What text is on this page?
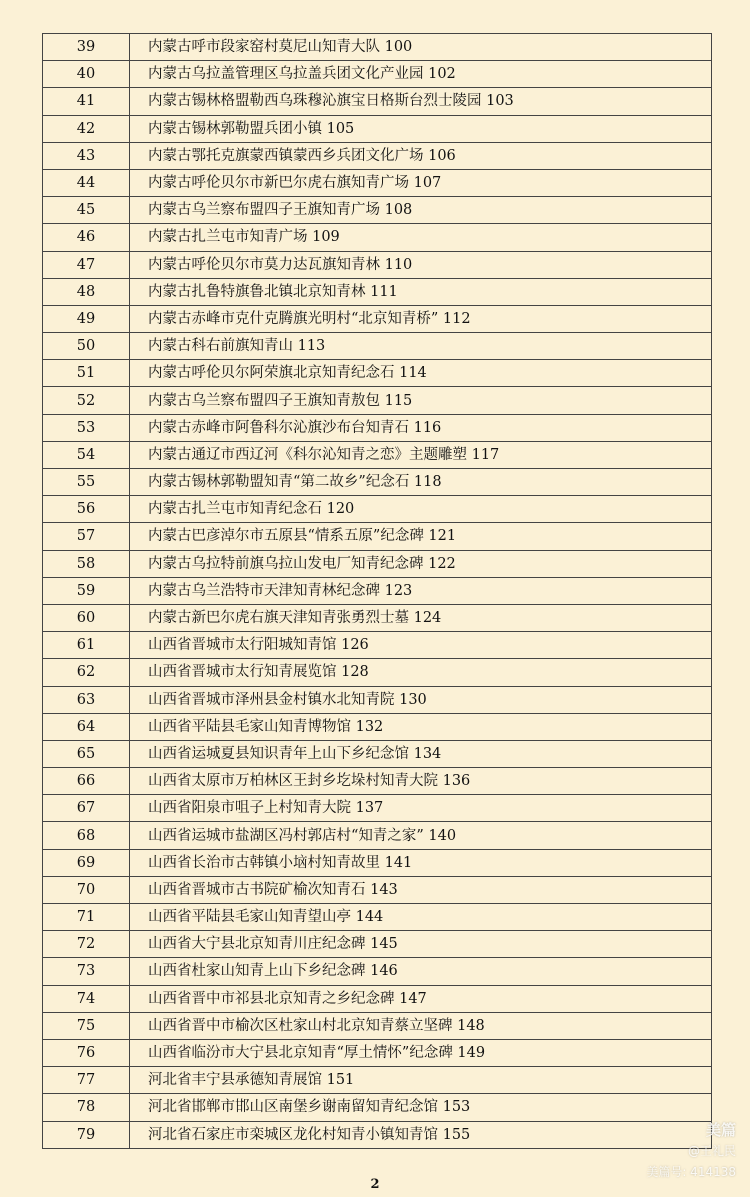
39	内蒙古呼市段家窑村莫尼山知青大队 100
40	内蒙古乌拉盖管理区乌拉盖兵团文化产业园 102
41	内蒙古锡林格盟勒西乌珠穆沁旗宝日格斯台烈士陵园 103
42	内蒙古锡林郭勒盟兵团小镇 105
43	内蒙古鄂托克旗蒙西镇蒙西乡兵团文化广场 106
44	内蒙古呼伦贝尔市新巴尔虎右旗知青广场 107
45	内蒙古乌兰察布盟四子王旗知青广场 108
46	内蒙古扎兰屯市知青广场 109
47	内蒙古呼伦贝尔市莫力达瓦旗知青林 110
48	内蒙古扎鲁特旗鲁北镇北京知青林 111
49	内蒙古赤峰市克什克腾旗光明村“北京知青桥” 112
50	内蒙古科右前旗知青山 113
51	内蒙古呼伦贝尔阿荣旗北京知青纪念石 114
52	内蒙古乌兰察布盟四子王旗知青敖包 115
53	内蒙古赤峰市阿鲁科尔沁旗沙布台知青石 116
54	内蒙古通辽市西辽河《科尔沁知青之恋》主题雕塑 117
55	内蒙古锡林郭勒盟知青“第二故乡”纪念石 118
56	内蒙古扎兰屯市知青纪念石 120
57	内蒙古巴彦淖尔市五原县“情系五原”纪念碑 121
58	内蒙古乌拉特前旗乌拉山发电厂知青纪念碑 122
59	内蒙古乌兰浩特市天津知青林纪念碑 123
60	内蒙古新巴尔虎右旗天津知青张勇烈士墓 124
61	山西省晋城市太行阳城知青馆 126
62	山西省晋城市太行知青展览馆 128
63	山西省晋城市泽州县金村镇水北知青院 130
64	山西省平陆县毛家山知青博物馆 132
65	山西省运城夏县知识青年上山下乡纪念馆 134
66	山西省太原市万柏林区王封乡圪垛村知青大院 136
67	山西省阳泉市咀子上村知青大院 137
68	山西省运城市盐湖区冯村郭店村“知青之家” 140
69	山西省长治市古韩镇小垴村知青故里 141
70	山西省晋城市古书院矿榆次知青石 143
71	山西省平陆县毛家山知青望山亭 144
72	山西省大宁县北京知青川庄纪念碑 145
73	山西省杜家山知青上山下乡纪念碑 146
74	山西省晋中市祁县北京知青之乡纪念碑 147
75	山西省晋中市榆次区杜家山村北京知青蔡立坚碑 148
76	山西省临汾市大宁县北京知青“厚土情怀”纪念碑 149
77	河北省丰宁县承德知青展馆 151
78	河北省邯郸市邯山区南堡乡谢南留知青纪念馆 153
79	河北省石家庄市栾城区龙化村知青小镇知青馆 155
2
美篇
@王礼民
美篇号: 414138
